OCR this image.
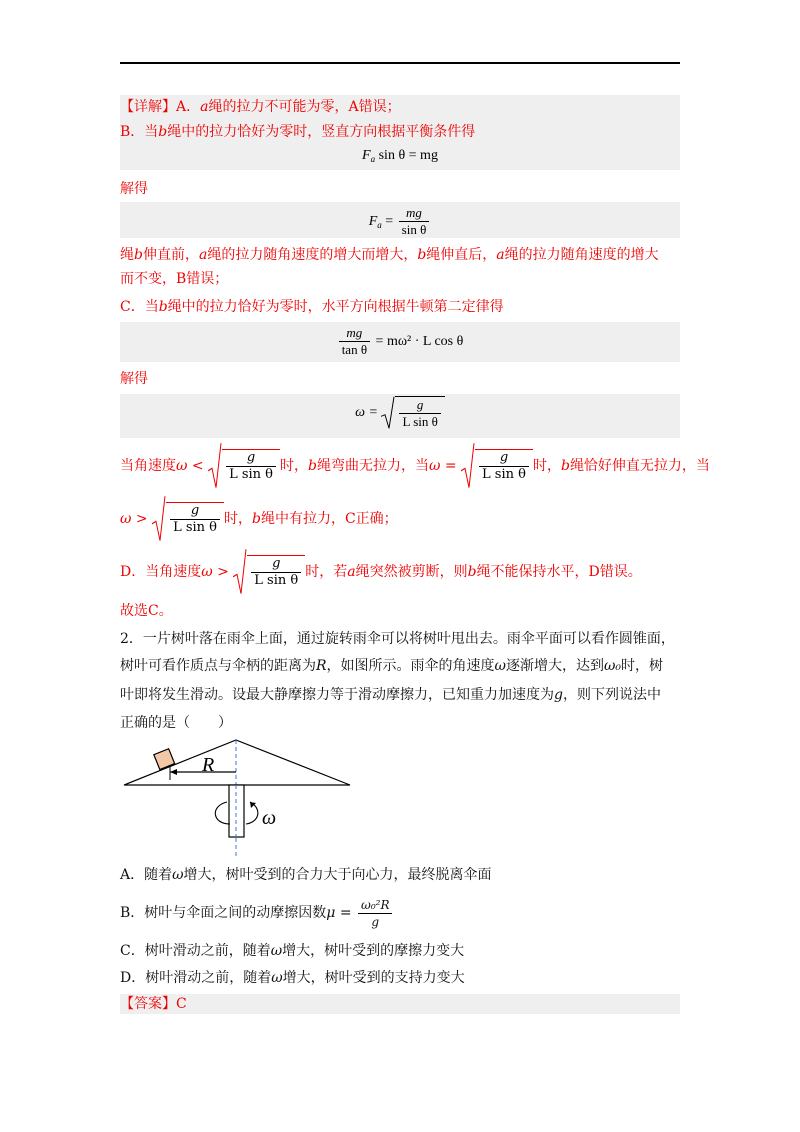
【详解】A．a绳的拉力不可能为零，A错误；
B．当b绳中的拉力恰好为零时，竖直方向根据平衡条件得
$F_a$ sin θ = mg
解得
$F_a = \frac{mg}{\text{sin θ}}$
绳b伸直前，a绳的拉力随角速度的增大而增大，b绳伸直后，a绳的拉力随角速度的增大
而不变，B错误；
C．当b绳中的拉力恰好为零时，水平方向根据牛顿第二定律得
$\frac{mg}{\text{tan θ}} = m\omega^2 \cdot L$ cos θ
解得
$\omega = \frac{g}{\text{L sin θ}}$
当角速度$\omega < \frac{g}{\text{L sin θ}}$ 时，b绳弯曲无拉力，当$\omega = \frac{g}{\text{L sin θ}}$ 时，b绳恰好伸直无拉力，当
$\omega > \frac{g}{\text{L sin θ}}$ 时，b绳中有拉力，C正确；
D．当角速度$\omega > \frac{g}{\text{L sin θ}}$ 时，若a绳突然被剪断，则b绳不能保持水平，D错误。
故选C。
2．一片树叶落在雨伞上面，通过旋转雨伞可以将树叶甩出去。雨伞平面可以看作圆锥面，
树叶可看作质点与伞柄的距离为R，如图所示。雨伞的角速度ω逐渐增大，达到ω₀时，树
叶即将发生滑动。设最大静摩擦力等于滑动摩擦力，已知重力加速度为g，则下列说法中
正确的是（　　）
R
ω
A．随着ω增大，树叶受到的合力大于向心力，最终脱离伞面
B．树叶与伞面之间的动摩擦因数$\mu = \frac{\text{ω₀²R}}{g}$
C．树叶滑动之前，随着ω增大，树叶受到的摩擦力变大
D．树叶滑动之前，随着ω增大，树叶受到的支持力变大
【答案】C
